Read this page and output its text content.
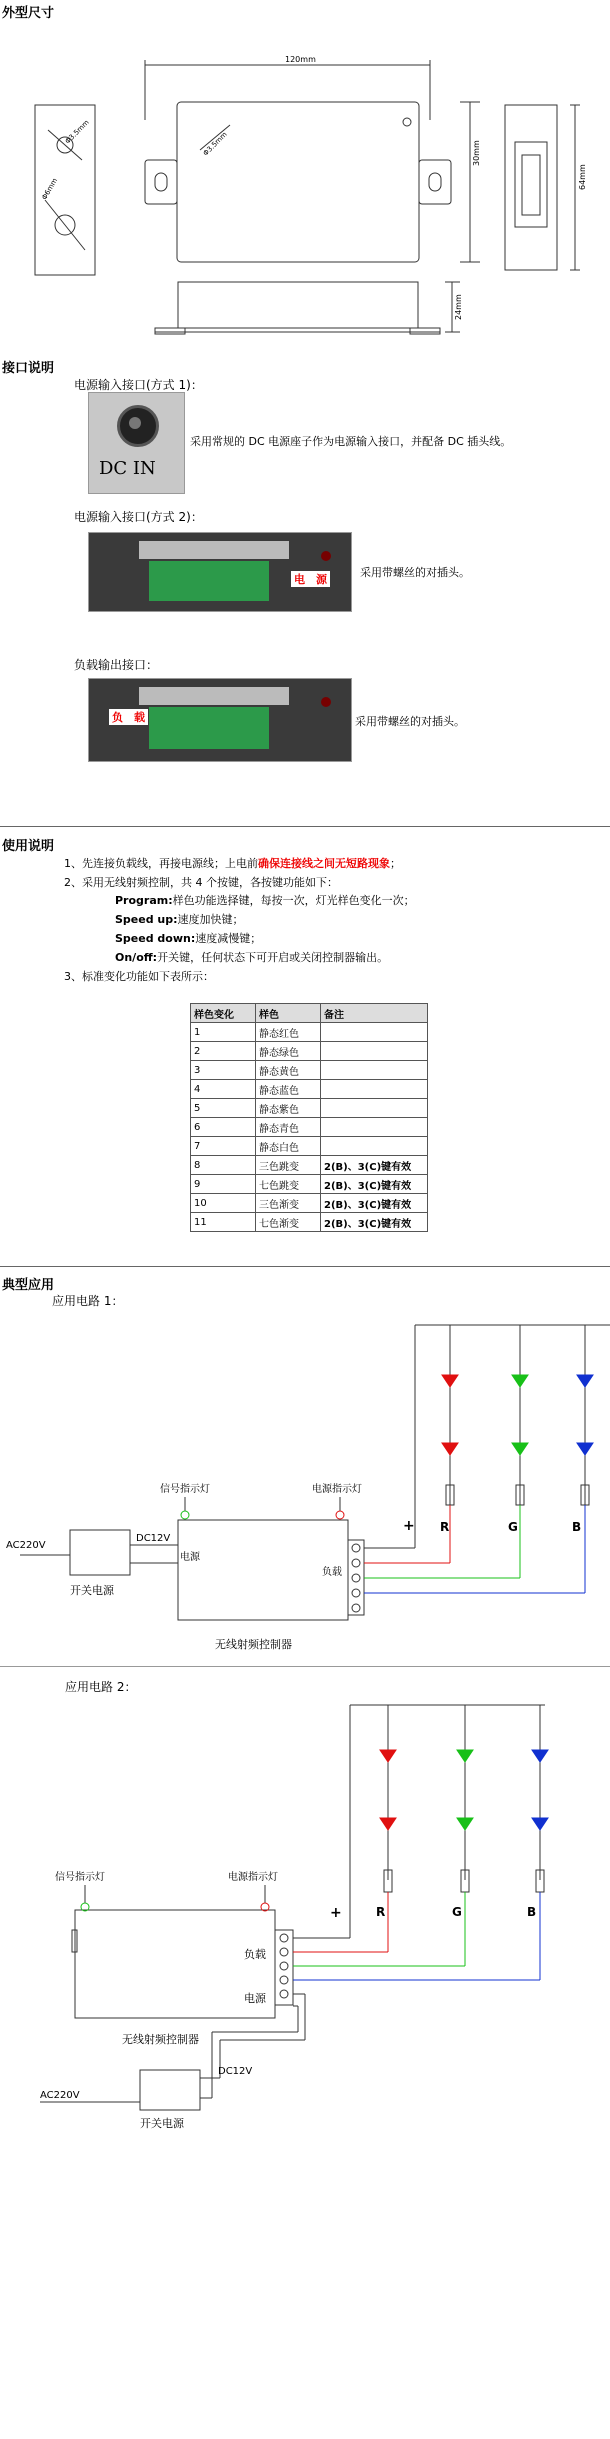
外型尺寸
120mm
30mm
64mm
24mm
Φ3.5mm
Φ6mm
Φ3.5mm
接口说明
电源输入接口(方式 1)：
DC IN
采用常规的 DC 电源座子作为电源输入接口，并配备 DC 插头线。
电源输入接口(方式 2)：
电　源
采用带螺丝的对插头。
负载输出接口：
负　载	采用带螺丝的对插头。
使用说明
1、先连接负载线，再接电源线；上电前确保连接线之间无短路现象；
2、采用无线射频控制，共 4 个按键，各按键功能如下：
Program:样色功能选择键，每按一次，灯光样色变化一次；
Speed up:速度加快键；
Speed down:速度减慢键；
On/off:开关键，任何状态下可开启或关闭控制器输出。
3、标准变化功能如下表所示：
样色变化	样色	备注
1	静态红色	
2	静态绿色	
3	静态黄色	
4	静态蓝色	
5	静态紫色	
6	静态青色	
7	静态白色	
8	三色跳变	2(B)、3(C)键有效
9	七色跳变	2(B)、3(C)键有效
10	三色渐变	2(B)、3(C)键有效
11	七色渐变	2(B)、3(C)键有效
典型应用
应用电路 1：
信号指示灯	电源指示灯
AC220V
DC12V
电源
负载
开关电源
无线射频控制器
+ R	G	B
应用电路 2：
信号指示灯	电源指示灯
负载
电源
无线射频控制器
DC12V
AC220V
开关电源
+	R	G	B
